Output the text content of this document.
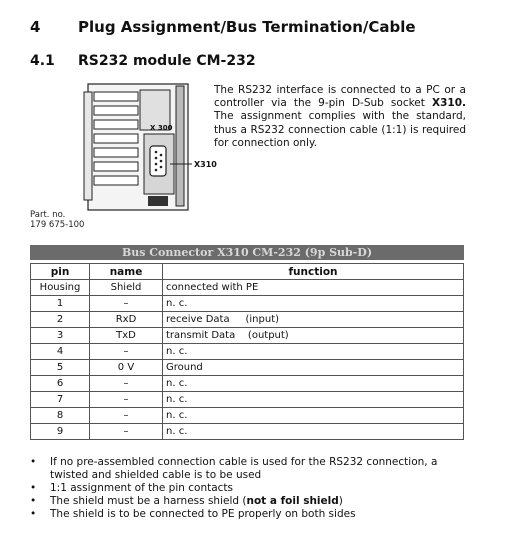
4	Plug Assignment/Bus Termination/Cable
4.1 RS232 module CM-232
X 300
X310
The RS232 interface is connected to a PC or a controller via the 9-pin D-Sub socket X310. The assignment complies with the standard, thus a RS232 connection cable (1:1) is required for connection only.
Part. no.
179 675-100
Bus Connector X310 CM-232 (9p Sub-D)
pin	name	function
Housing	Shield	connected with PE
1	–	n. c.
2	RxD	receive Data     (input)
3	TxD	transmit Data    (output)
4	–	n. c.
5	0 V	Ground
6	–	n. c.
7	–	n. c.
8	–	n. c.
9	–	n. c.
• If no pre-assembled connection cable is used for the RS232 connection, a twisted and shielded cable is to be used
• 1:1 assignment of the pin contacts
• The shield must be a harness shield (not a foil shield)
• The shield is to be connected to PE properly on both sides
